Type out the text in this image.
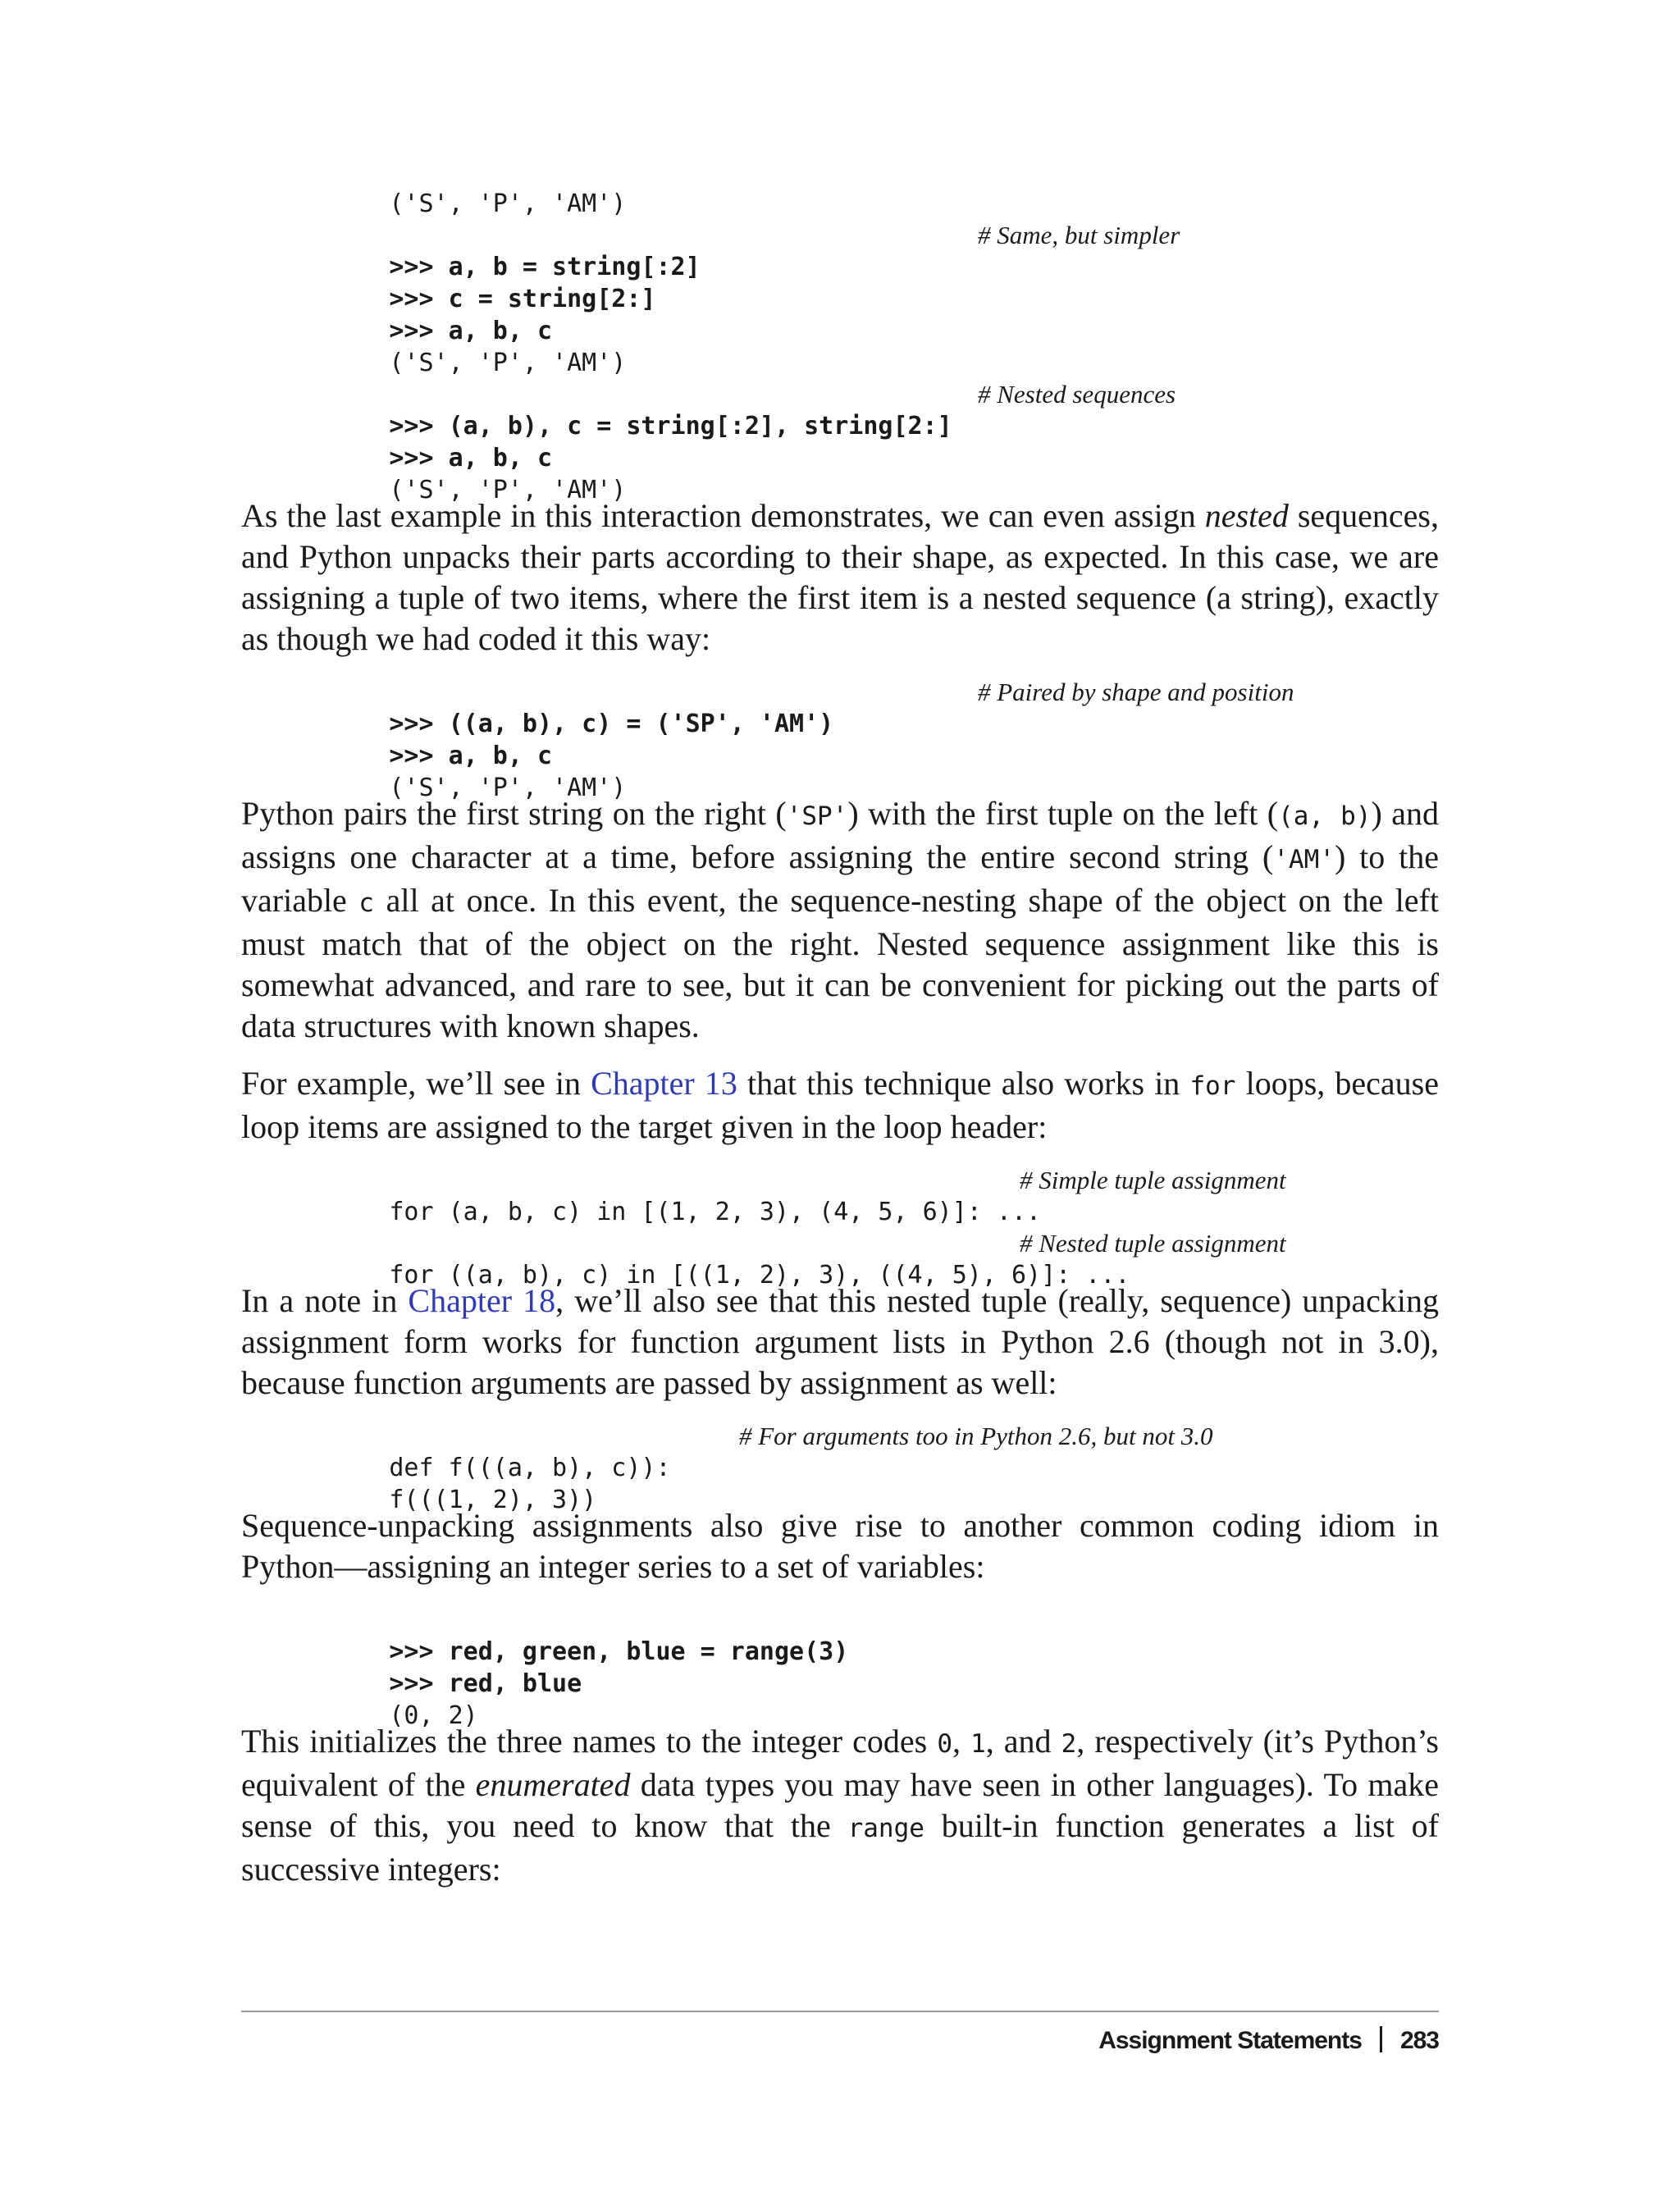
('S', 'P', 'AM')

>>> a, b = string[:2]

# Same, but simpler

>>> c = string[2:]

>>> a, b, c

('S', 'P', 'AM')

>>> (a, b), c = string[:2], string[2:]

# Nested sequences

>>> a, b, c

('S', 'P', 'AM')

As the last example in this interaction demonstrates, we can even assign nested sequences, and Python unpacks their parts according to their shape, as expected. In this case, we are assigning a tuple of two items, where the first item is a nested sequence (a string), exactly as though we had coded it this way:

>>> ((a, b), c) = ('SP', 'AM')

# Paired by shape and position

>>> a, b, c

('S', 'P', 'AM')

Python pairs the first string on the right ('SP') with the first tuple on the left ((a, b)) and assigns one character at a time, before assigning the entire second string ('AM') to the variable c all at once. In this event, the sequence-nesting shape of the object on the left must match that of the object on the right. Nested sequence assignment like this is somewhat advanced, and rare to see, but it can be convenient for picking out the parts of data structures with known shapes.

For example, we’ll see in Chapter 13 that this technique also works in for loops, because loop items are assigned to the target given in the loop header:

for (a, b, c) in [(1, 2, 3), (4, 5, 6)]: ...

# Simple tuple assignment

for ((a, b), c) in [((1, 2), 3), ((4, 5), 6)]: ...

# Nested tuple assignment

In a note in Chapter 18, we’ll also see that this nested tuple (really, sequence) unpacking assignment form works for function argument lists in Python 2.6 (though not in 3.0), because function arguments are passed by assignment as well:

def f(((a, b), c)):

# For arguments too in Python 2.6, but not 3.0

f(((1, 2), 3))

Sequence-unpacking assignments also give rise to another common coding idiom in Python—assigning an integer series to a set of variables:

>>> red, green, blue = range(3)

>>> red, blue

(0, 2)

This initializes the three names to the integer codes 0, 1, and 2, respectively (it’s Python’s equivalent of the enumerated data types you may have seen in other languages). To make sense of this, you need to know that the range built-in function generates a list of successive integers:

Assignment Statements 283
